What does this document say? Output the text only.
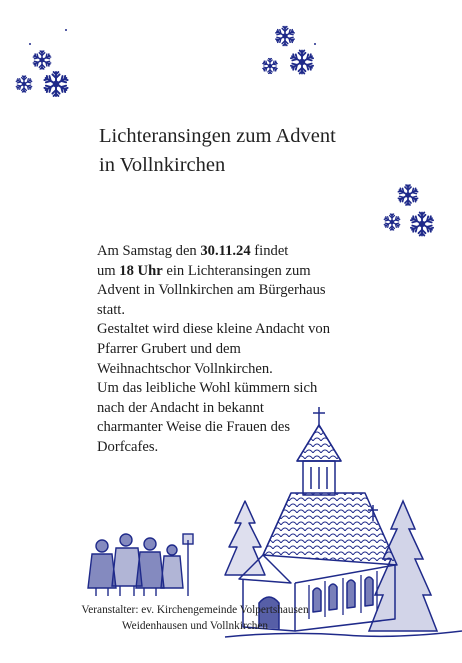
Lichteransingen zum Advent
in Vollnkirchen
Am Samstag den 30.11.24 findet
um 18 Uhr ein Lichteransingen zum
Advent in Vollnkirchen am Bürgerhaus
statt.
Gestaltet wird diese kleine Andacht von
Pfarrer Grubert und dem
Weihnachtschor Vollnkirchen.
Um das leibliche Wohl kümmern sich
nach der Andacht in bekannt
charmanter Weise die Frauen des
Dorfcafes.
Veranstalter: ev. Kirchengemeinde Volpertshausen
Weidenhausen und Vollnkirchen
